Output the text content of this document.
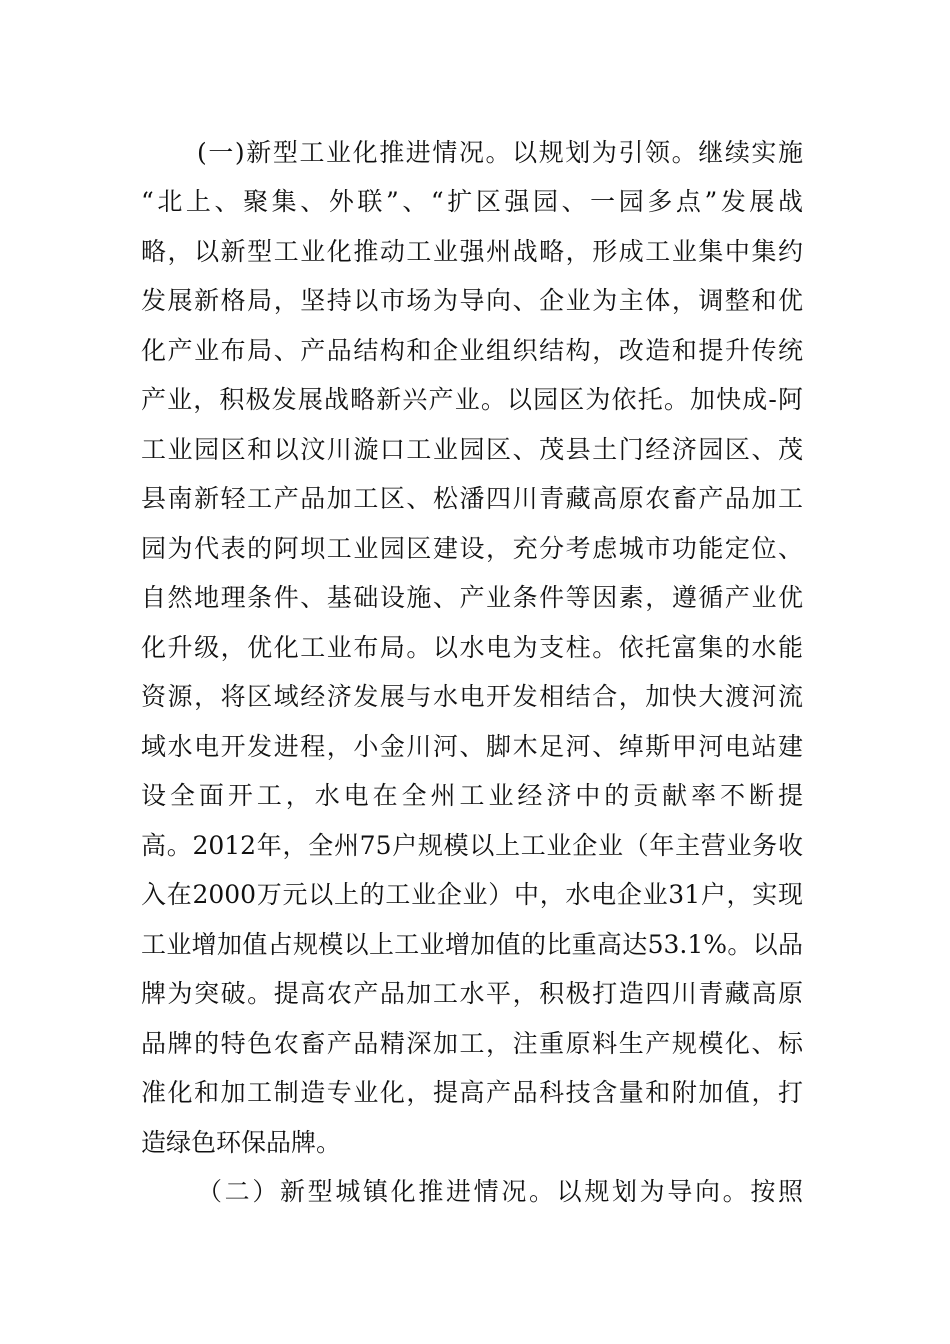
(一)新型工业化推进情况。以规划为引领。继续实施
“北上、聚集、外联”、“扩区强园、一园多点”发展战
略，以新型工业化推动工业强州战略，形成工业集中集约
发展新格局，坚持以市场为导向、企业为主体，调整和优
化产业布局、产品结构和企业组织结构，改造和提升传统
产业，积极发展战略新兴产业。以园区为依托。加快成-阿
工业园区和以汶川漩口工业园区、茂县土门经济园区、茂
县南新轻工产品加工区、松潘四川青藏高原农畜产品加工
园为代表的阿坝工业园区建设，充分考虑城市功能定位、
自然地理条件、基础设施、产业条件等因素，遵循产业优
化升级，优化工业布局。以水电为支柱。依托富集的水能
资源，将区域经济发展与水电开发相结合，加快大渡河流
域水电开发进程，小金川河、脚木足河、绰斯甲河电站建
设全面开工，水电在全州工业经济中的贡献率不断提
高。2012年，全州75户规模以上工业企业（年主营业务收
入在2000万元以上的工业企业）中，水电企业31户，实现
工业增加值占规模以上工业增加值的比重高达53.1%。以品
牌为突破。提高农产品加工水平，积极打造四川青藏高原
品牌的特色农畜产品精深加工，注重原料生产规模化、标
准化和加工制造专业化，提高产品科技含量和附加值，打
造绿色环保品牌。
（二）新型城镇化推进情况。以规划为导向。按照
